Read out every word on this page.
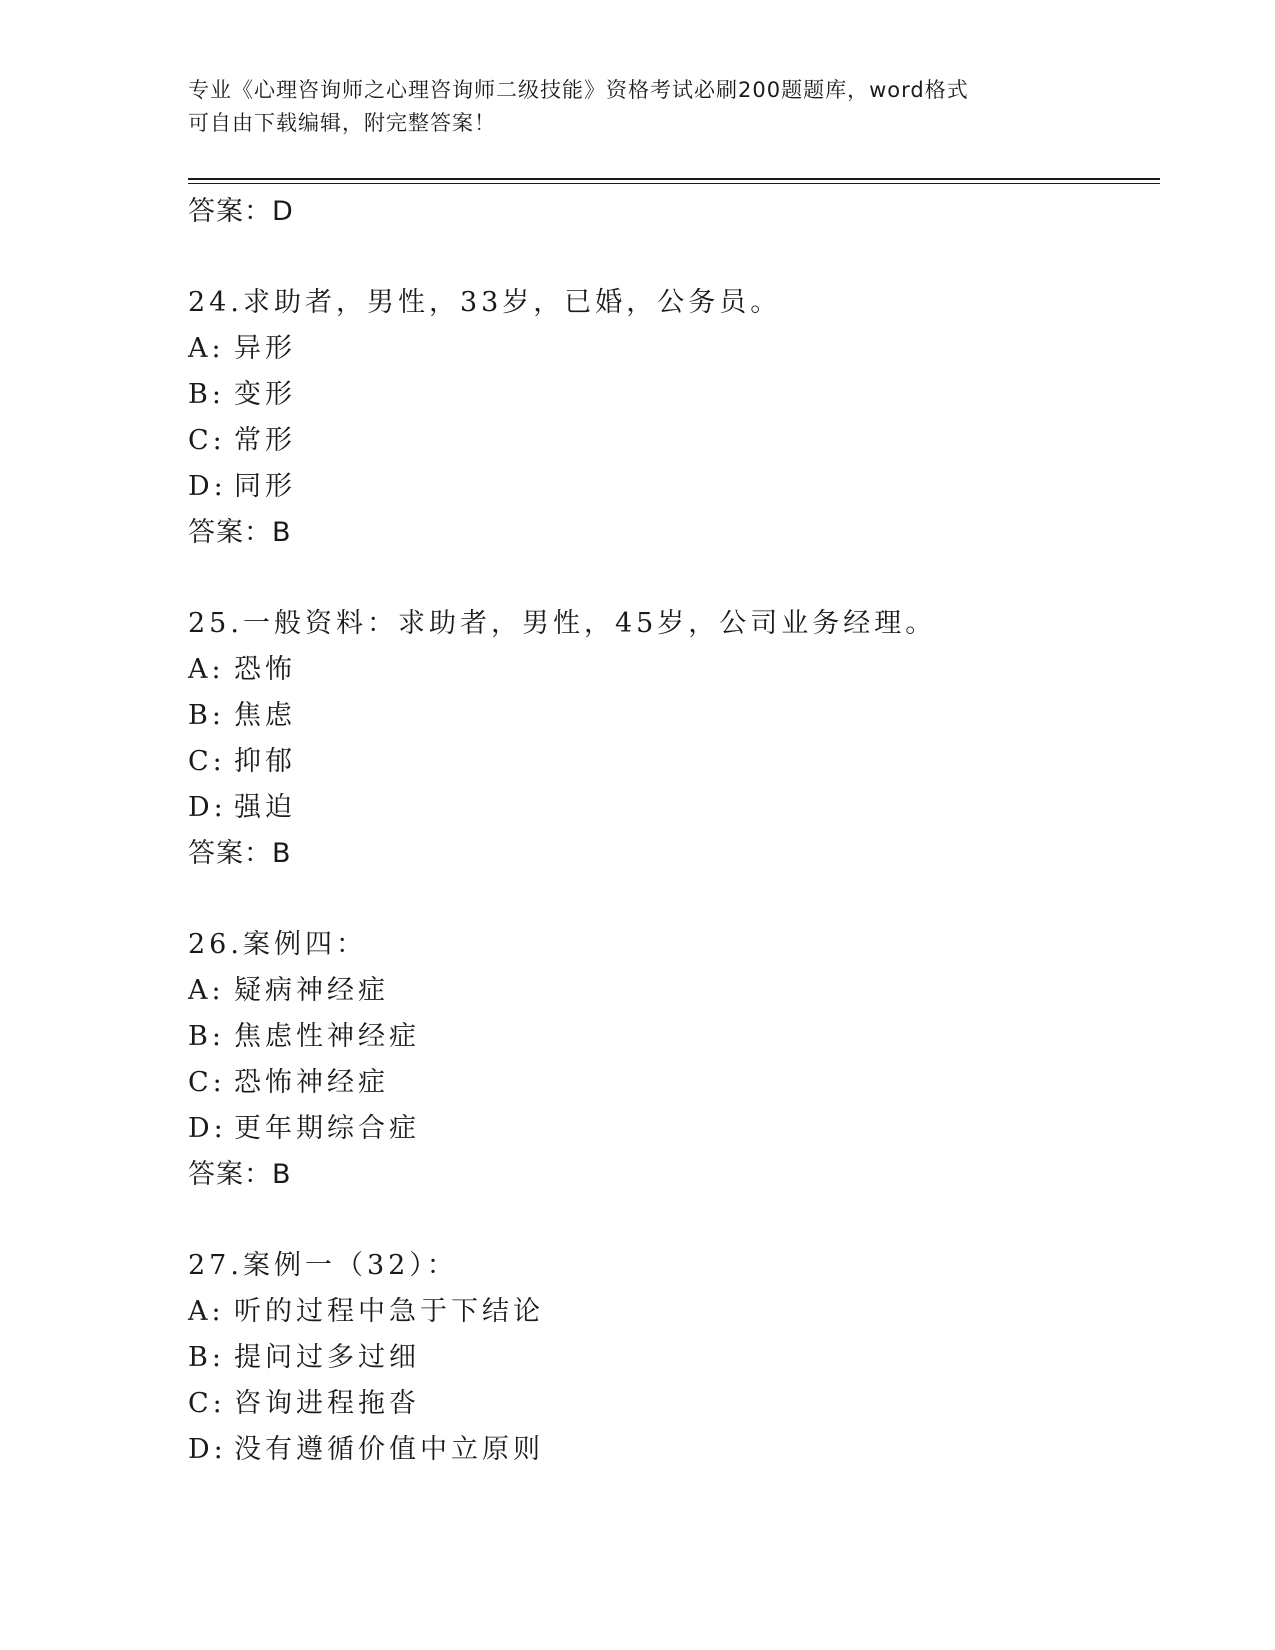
专业《心理咨询师之心理咨询师二级技能》资格考试必刷200题题库，word格式
可自由下载编辑，附完整答案！
答案：D
24.求助者，男性，33岁，已婚，公务员。
A: 异形
B: 变形
C: 常形
D: 同形
答案：B
25.一般资料：求助者，男性，45岁，公司业务经理。
A: 恐怖
B: 焦虑
C: 抑郁
D: 强迫
答案：B
26.案例四：
A: 疑病神经症
B: 焦虑性神经症
C: 恐怖神经症
D: 更年期综合症
答案：B
27.案例一（32）：
A: 听的过程中急于下结论
B: 提问过多过细
C: 咨询进程拖沓
D: 没有遵循价值中立原则
